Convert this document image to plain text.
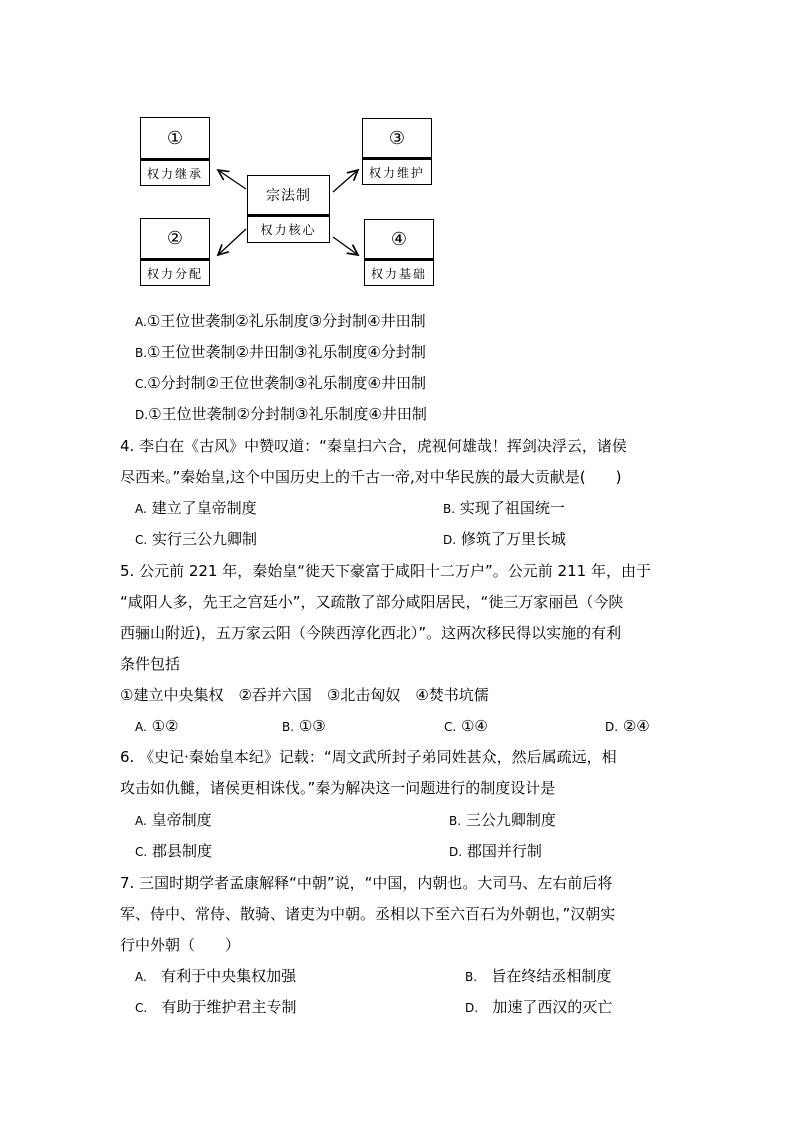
①
权力继承
②
权力分配
宗法制
权力核心
③
权力维护
④
权力基础
A.①王位世袭制②礼乐制度③分封制④井田制
B.①王位世袭制②井田制③礼乐制度④分封制
C.①分封制②王位世袭制③礼乐制度④井田制
D.①王位世袭制②分封制③礼乐制度④井田制
4. 李白在《古风》中赞叹道：“秦皇扫六合，虎视何雄哉！挥剑决浮云，诸侯
尽西来。”秦始皇,这个中国历史上的千古一帝,对中华民族的最大贡献是(　　)
A. 建立了皇帝制度	B. 实现了祖国统一
C. 实行三公九卿制	D. 修筑了万里长城
5. 公元前 221 年，秦始皇“徙天下豪富于咸阳十二万户”。公元前 211 年，由于
“咸阳人多，先王之宫廷小”，又疏散了部分咸阳居民，“徙三万家丽邑（今陕
西骊山附近)，五万家云阳（今陕西淳化西北）”。这两次移民得以实施的有利
条件包括
①建立中央集权　②吞并六国　③北击匈奴　④焚书坑儒
A. ①②	B. ①③	C. ①④	D. ②④
6. 《史记·秦始皇本纪》记载：“周文武所封子弟同姓甚众，然后属疏远，相
攻击如仇雠，诸侯更相诛伐。”秦为解决这一问题进行的制度设计是
A. 皇帝制度	B. 三公九卿制度
C. 郡县制度	D. 郡国并行制
7. 三国时期学者孟康解释“中朝”说，“中国，内朝也。大司马、左右前后将
军、侍中、常侍、散骑、诸吏为中朝。丞相以下至六百石为外朝也，”汉朝实
行中外朝（　　）
A. 有利于中央集权加强	B. 旨在终结丞相制度
C. 有助于维护君主专制	D. 加速了西汉的灭亡
